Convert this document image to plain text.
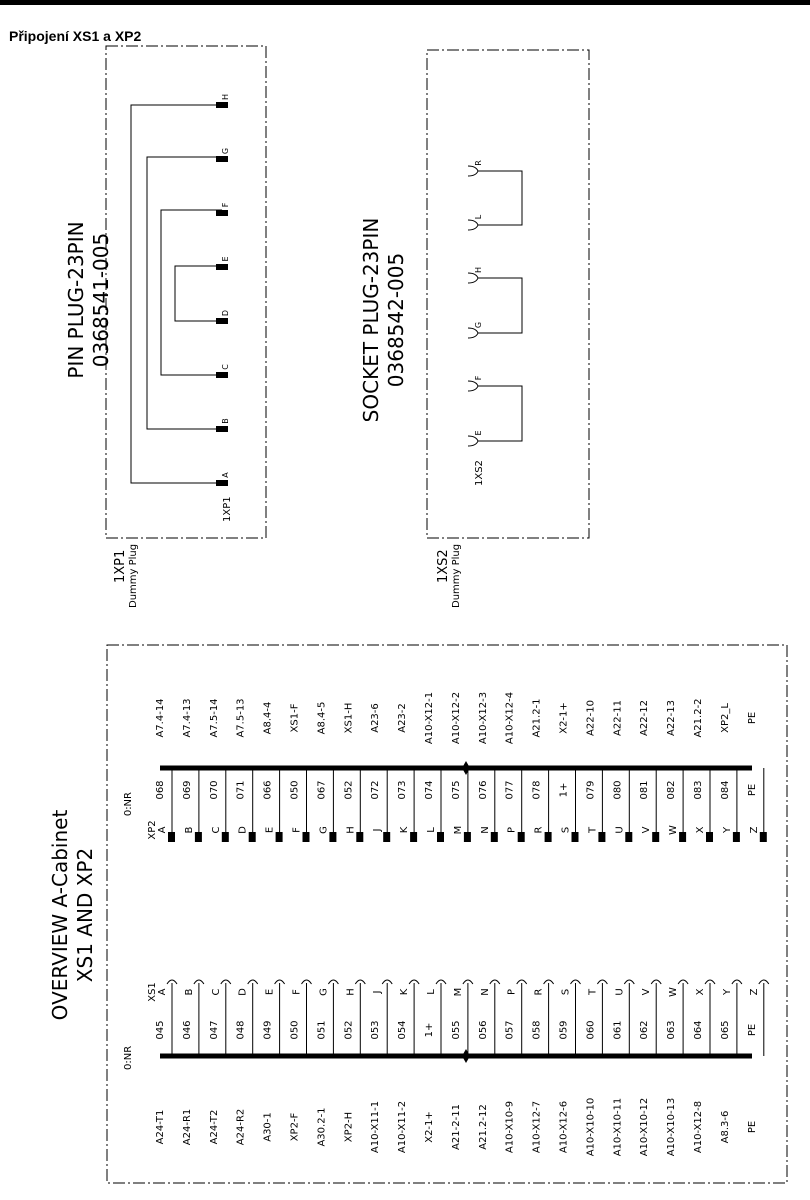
Připojení XS1 a XP2
PIN PLUG-23PIN 0368541-005
1XP1 Dummy Plug
1XP1
A
B
C
D
E
F
G
H
SOCKET PLUG-23PIN 0368542-005
1XS2 Dummy Plug
1XS2
E
F
G
H
L
R
OVERVIEW A-Cabinet XS1 AND XP2
0:NR
0:NR
XS1
XP2
A24-T1
045
A
A24-R1
046
B
A24-T2
047
C
A24-R2
048
D
A30-1
049
E
XP2-F
050
F
A30.2-1
051
G
XP2-H
052
H
A10-X11-1
053
J
A10-X11-2
054
K
X2-1+
1+
L
A21-2-11
055
M
A21.2-12
056
N
A10-X10-9
057
P
A10-X12-7
058
R
A10-X12-6
059
S
A10-X10-10
060
T
A10-X10-11
061
U
A10-X10-12
062
V
A10-X10-13
063
W
A10-X12-8
064
X
A8.3-6
065
Y
PE
PE
Z
A7.4-14
068
A
A7.4-13
069
B
A7.5-14
070
C
A7.5-13
071
D
A8.4-4
066
E
XS1-F
050
F
A8.4-5
067
G
XS1-H
052
H
A23-6
072
J
A23-2
073
K
A10-X12-1
074
L
A10-X12-2
075
M
A10-X12-3
076
N
A10-X12-4
077
P
A21.2-1
078
R
X2-1+
1+
S
A22-10
079
T
A22-11
080
U
A22-12
081
V
A22-13
082
W
A21.2-2
083
X
XP2_L
084
Y
PE
PE
Z
